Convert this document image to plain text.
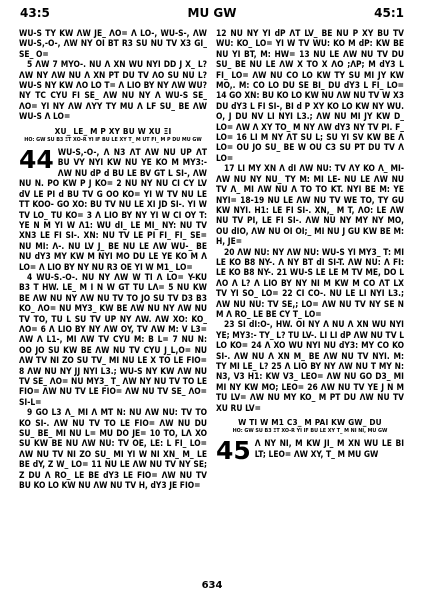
43:5	MU GW	45:1

WU-S TY KW ΛW JE_ ΛO= Λ LO-, WU-S-, ΛW WU-S,-O-, ΛW NY OI BT R3 SU NU TV X3 GI_ SE_ O=

5 ΛW 7 MYO-. NU Λ XN WU NYI DD J X_ L? ΛW NY ΛW NU Λ XN PT DU TV ΛO SU NU L? WU-S NY KW ΛO LO T= Λ LIO BY NY ΛW WU? NY TC CYU FI SE_ ΛW NU NY Λ WU-S SE_ ΛO= YI NY ΛW ΛYY TY MU Λ LF SU_ BE ΛW WU-S Λ LO=

XU_ LE_ M P XY BU W XU ΞI
HO: GW SU B3 ΞT XO-R YI IF BU LE XY T_ M UT FI_ M P DU MU GW

44 WU-S,-O-, Λ N3 ΛT ΛW NU UP ΛT BU VY NYI KW NU YE KO M MY3:- ΛW NU dP d BU LE BV GT L SI-, ΛW NU N. PO KW P J KO= 2 NU NY NU CI CY LV dV LE PI d BU TV G OO KO= YI W TV NU LE TT KOO- GO XO: BU TV NU LE XI JD SI-. YI W TV LO_ TU KO= 3 Λ LIO BY NY YI W CI OY T: YE N M YI W Λ1: WU dI_ LE MI_ NY: NU TV XN3 LE FI SI-. XN: NU TV LE PI FI_ FI_ SE= NU MI: Λ-. NU LV J_ BE NU LE ΛW WU-_ BE NU dY3 MY KW M NYI MO DU LE YE KO M Λ LO= Λ LIO BY NY NU R3 OE YI W M1_ LO=

4 WU-S.-O-. NU NY ΛW W TI Λ LO= Y-KU B3 T HW. LE_ M I N W GT TU LΛ= 5 NU KW BE ΛW NU NY ΛW NU TV TO JO SU TV D3 B3 KO_ ΛO= NU MY3_ KW BE ΛW NU NY ΛW NU TV TO, TU L SU TV UP NY ΛW. ΛW XO: KO_ ΛO= 6 Λ LIO BY NY ΛW OY, TV ΛW M: V L3= ΛW Λ L1-, MI ΛW TV CYU M: B L= 7 NU N: OO JO SU KW BE ΛW NU TV CYU J_L,O= NU ΛW TV NI ZO SU TV_ MI NU LE X TO LE FIO= 8 ΛW NU NY JJ NYI L3.; WU-S NY KW ΛW NU TV SE_ ΛO= NU MY3_ T_ ΛW NY NU TV TO LE FIO= ΛW NU TV LE FIO= ΛW NU TV SE_ ΛO= SI-L=

9 GO L3 Λ_ MI Λ MT N: NU ΛW NU: TV TO KO SI-. ΛW NU TV TO LE FIO= ΛW NU DU SU_ BE_ MI NU L= MU DO JE= 10 TO, LΛ XO SU KW BE NU ΛW NU: TV OE, LE: L FI_ LO= ΛW NU TV NI ZO SU_ MI YI W NI XN_ M_ LE BE dY, Z W_ LO= 11 NU LE ΛW NU TV NY SE; Z DU Λ RO_ LE BE dY3 LE FIO= ΛW NU TV BU KO LO KW NU ΛW NU TV H, dY3 JE FIO=

12 NU NY YI dP ΛT LV_ BE NU P XY BU TV WU: KO_ LO= YI W TV WU: KO M dP: KW BE NU YI BT, M: HW= 13 NU LE ΛW NU TV DU SU_ BE NU LE ΛW X TO X ΛO ;ΛP; M dY3 L FI_ LO= ΛW NU CO LO KW TY SU MI JY KW MO,. M: CO LO DU SE BI_ DU dY3 L FI_ LO= 14 GO XN: BU KO LO KW NU ΛW NU TV W X3 DU dY3 L FI SI-, BI d P XY KO LO KW NY WU. O, J DU NV LI NYI L3.; ΛW NU MI JY KW D_ LO= ΛW Λ XY TO_ M NY ΛW dY3 NY TV PI. F_ LO= 16 LI M NY ΛT SU L; SU YI SV KW BE Λ LO= OU JO SU_ BE W OU C3 SU PT DU TV Λ LO=

17 LI MY XN Λ dI ΛW NU: TV ΛY KO Λ_ MI- ΛW NU NY NU_ TY M: MI LE- NU LE ΛW NU TV Λ_ MI ΛW NU Λ TO TO KT. NYI BE M: YE NYI= 18-19 NU LE ΛW NU TV WE TO, TY GU KW NYI. H1: LE FI SI-. XN,_ M T, ΛO: LE ΛW NU TV PI, LE FI SI-. ΛW NU NY MY NY MO, OU dIO, ΛW NU OI OI;_ MI NU J GU KW BE M: H, JE=

20 ΛW NU: NY ΛW NU: WU-S YI MY3_ T: MI LE KO B8 NY-. Λ NY BT dI SI-T. ΛW NU: Λ FI: LE KO B8 NY-. 21 WU-S LE LE M TV ME, DO L ΛO Λ L? Λ LIO BY NY NI M KW M CO ΛT LX TV YI SO_ LO= 22 CI CO-. NU LE LI NYI L3.; ΛW NU NU: TV SE,; LO= ΛW NU TV NY SE N M Λ RO_ LE BE CY T_ LO=

23 SI dI:O-, HW. OI NY Λ NU Λ XN WU NYI YE; MY3:- TY_ L? TU LV-. LI LI dP ΛW NU TV L LO KO= 24 Λ XO WU NYI NU dY3: MY CO KO SI-. ΛW NU Λ XN M_ BE ΛW NU TV NYI. M: TY MI LE_ L? 25 Λ LIO BY NY ΛW NU T MY N: N3, V3 H1: KW V3_ LEO= ΛW NU GO D3_ MI MI NY KW MO; LEO= 26 ΛW NU TV YE J N M TU LV= ΛW NU MY KO_ M PT DU ΛW NU TV XU RU LV=

W TI W M1 C3_ M PAI KW GW_ DU
HO: GW SU B3 ΞT XO-R YI IF BU LE XY T_ M NI NI, MU GW

45 Λ NY NI, M KW JI_ M XN WU LE BI LT; LEO= ΛW XY, T_ M MU GW

634
